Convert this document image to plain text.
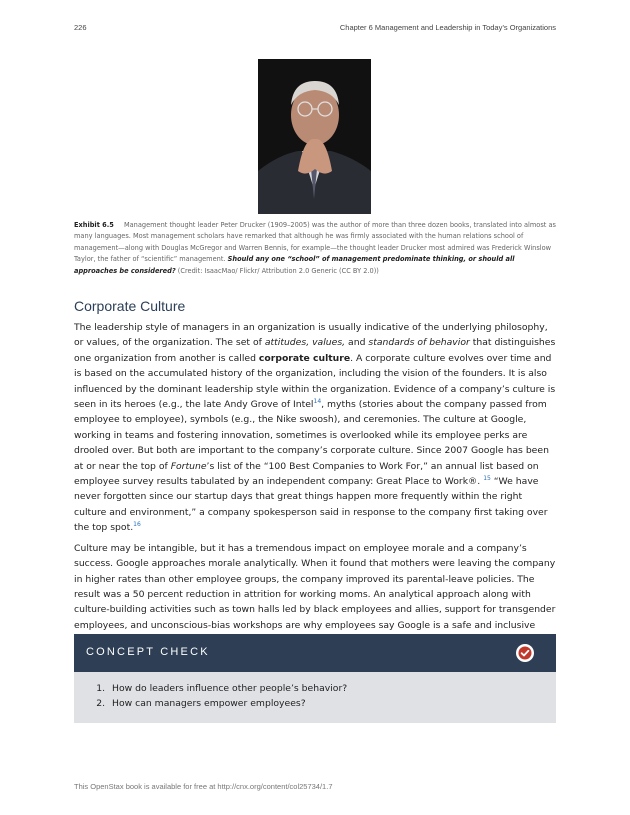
226	Chapter 6 Management and Leadership in Today’s Organizations
Exhibit 6.5 Management thought leader Peter Drucker (1909–2005) was the author of more than three dozen books, translated into almost as many languages. Most management scholars have remarked that although he was firmly associated with the human relations school of management—along with Douglas McGregor and Warren Bennis, for example—the thought leader Drucker most admired was Frederick Winslow Taylor, the father of “scientific” management. Should any one “school” of management predominate thinking, or should all approaches be considered? (Credit: IsaacMao/ Flickr/ Attribution 2.0 Generic (CC BY 2.0))
Corporate Culture

The leadership style of managers in an organization is usually indicative of the underlying philosophy, or values, of the organization. The set of attitudes, values, and standards of behavior that distinguishes one organization from another is called corporate culture. A corporate culture evolves over time and is based on the accumulated history of the organization, including the vision of the founders. It is also influenced by the dominant leadership style within the organization. Evidence of a company’s culture is seen in its heroes (e.g., the late Andy Grove of Intel$^{14}$, myths (stories about the company passed from employee to employee), symbols (e.g., the Nike swoosh), and ceremonies. The culture at Google, working in teams and fostering innovation, sometimes is overlooked while its employee perks are drooled over. But both are important to the company’s corporate culture. Since 2007 Google has been at or near the top of Fortune’s list of the “100 Best Companies to Work For,” an annual list based on employee survey results tabulated by an independent company: Great Place to Work®. $^{15}$ “We have never forgotten since our startup days that great things happen more frequently within the right culture and environment,” a company spokesperson said in response to the company first taking over the top spot.$^{16}$

Culture may be intangible, but it has a tremendous impact on employee morale and a company’s success. Google approaches morale analytically. When it found that mothers were leaving the company in higher rates than other employee groups, the company improved its parental-leave policies. The result was a 50 percent reduction in attrition for working moms. An analytical approach along with culture-building activities such as town halls led by black employees and allies, support for transgender employees, and unconscious-bias workshops are why employees say Google is a safe and inclusive

CONCEPT CHECK
1. How do leaders influence other people’s behavior?
2. How can managers empower employees?
This OpenStax book is available for free at http://cnx.org/content/col25734/1.7
